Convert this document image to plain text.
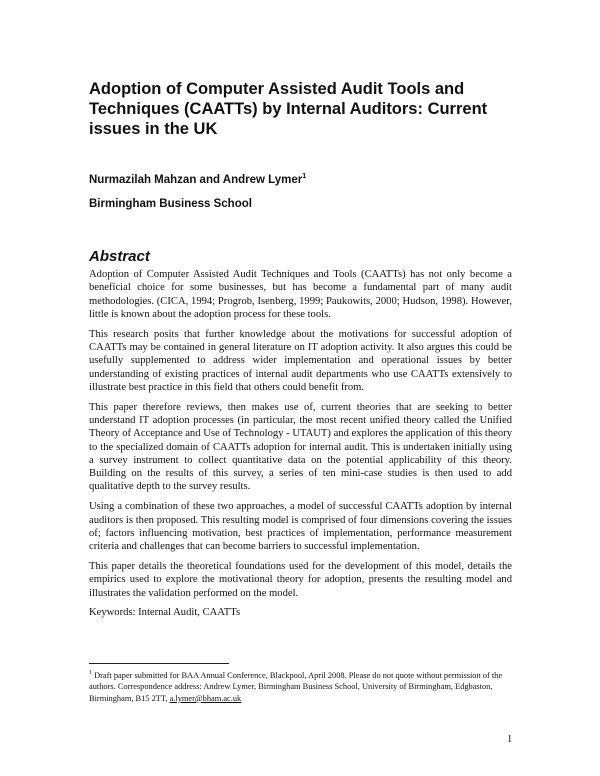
Adoption of Computer Assisted Audit Tools and Techniques (CAATTs) by Internal Auditors: Current issues in the UK

Nurmazilah Mahzan and Andrew Lymer$^1$

Birmingham Business School

Abstract

Adoption of Computer Assisted Audit Techniques and Tools (CAATTs) has not only become a beneficial choice for some businesses, but has become a fundamental part of many audit methodologies. (CICA, 1994; Progrob, Isenberg, 1999; Paukowits, 2000; Hudson, 1998). However, little is known about the adoption process for these tools.

This research posits that further knowledge about the motivations for successful adoption of CAATTs may be contained in general literature on IT adoption activity. It also argues this could be usefully supplemented to address wider implementation and operational issues by better understanding of existing practices of internal audit departments who use CAATTs extensively to illustrate best practice in this field that others could benefit from.

This paper therefore reviews, then makes use of, current theories that are seeking to better understand IT adoption processes (in particular, the most recent unified theory called the Unified Theory of Acceptance and Use of Technology - UTAUT) and explores the application of this theory to the specialized domain of CAATTs adoption for internal audit. This is undertaken initially using a survey instrument to collect quantitative data on the potential applicability of this theory. Building on the results of this survey, a series of ten mini-case studies is then used to add qualitative depth to the survey results.

Using a combination of these two approaches, a model of successful CAATTs adoption by internal auditors is then proposed. This resulting model is comprised of four dimensions covering the issues of; factors influencing motivation, best practices of implementation, performance measurement criteria and challenges that can become barriers to successful implementation.

This paper details the theoretical foundations used for the development of this model, details the empirics used to explore the motivational theory for adoption, presents the resulting model and illustrates the validation performed on the model.

Keywords: Internal Audit, CAATTs

$^1$ Draft paper submitted for BAA Annual Conference, Blackpool, April 2008. Please do not quote without permission of the authors. Correspondence address: Andrew Lymer, Birmingham Business School, University of Birmingham, Edgbaston, Birmingham, B15 2TT, a.lymer@bham.ac.uk

1
